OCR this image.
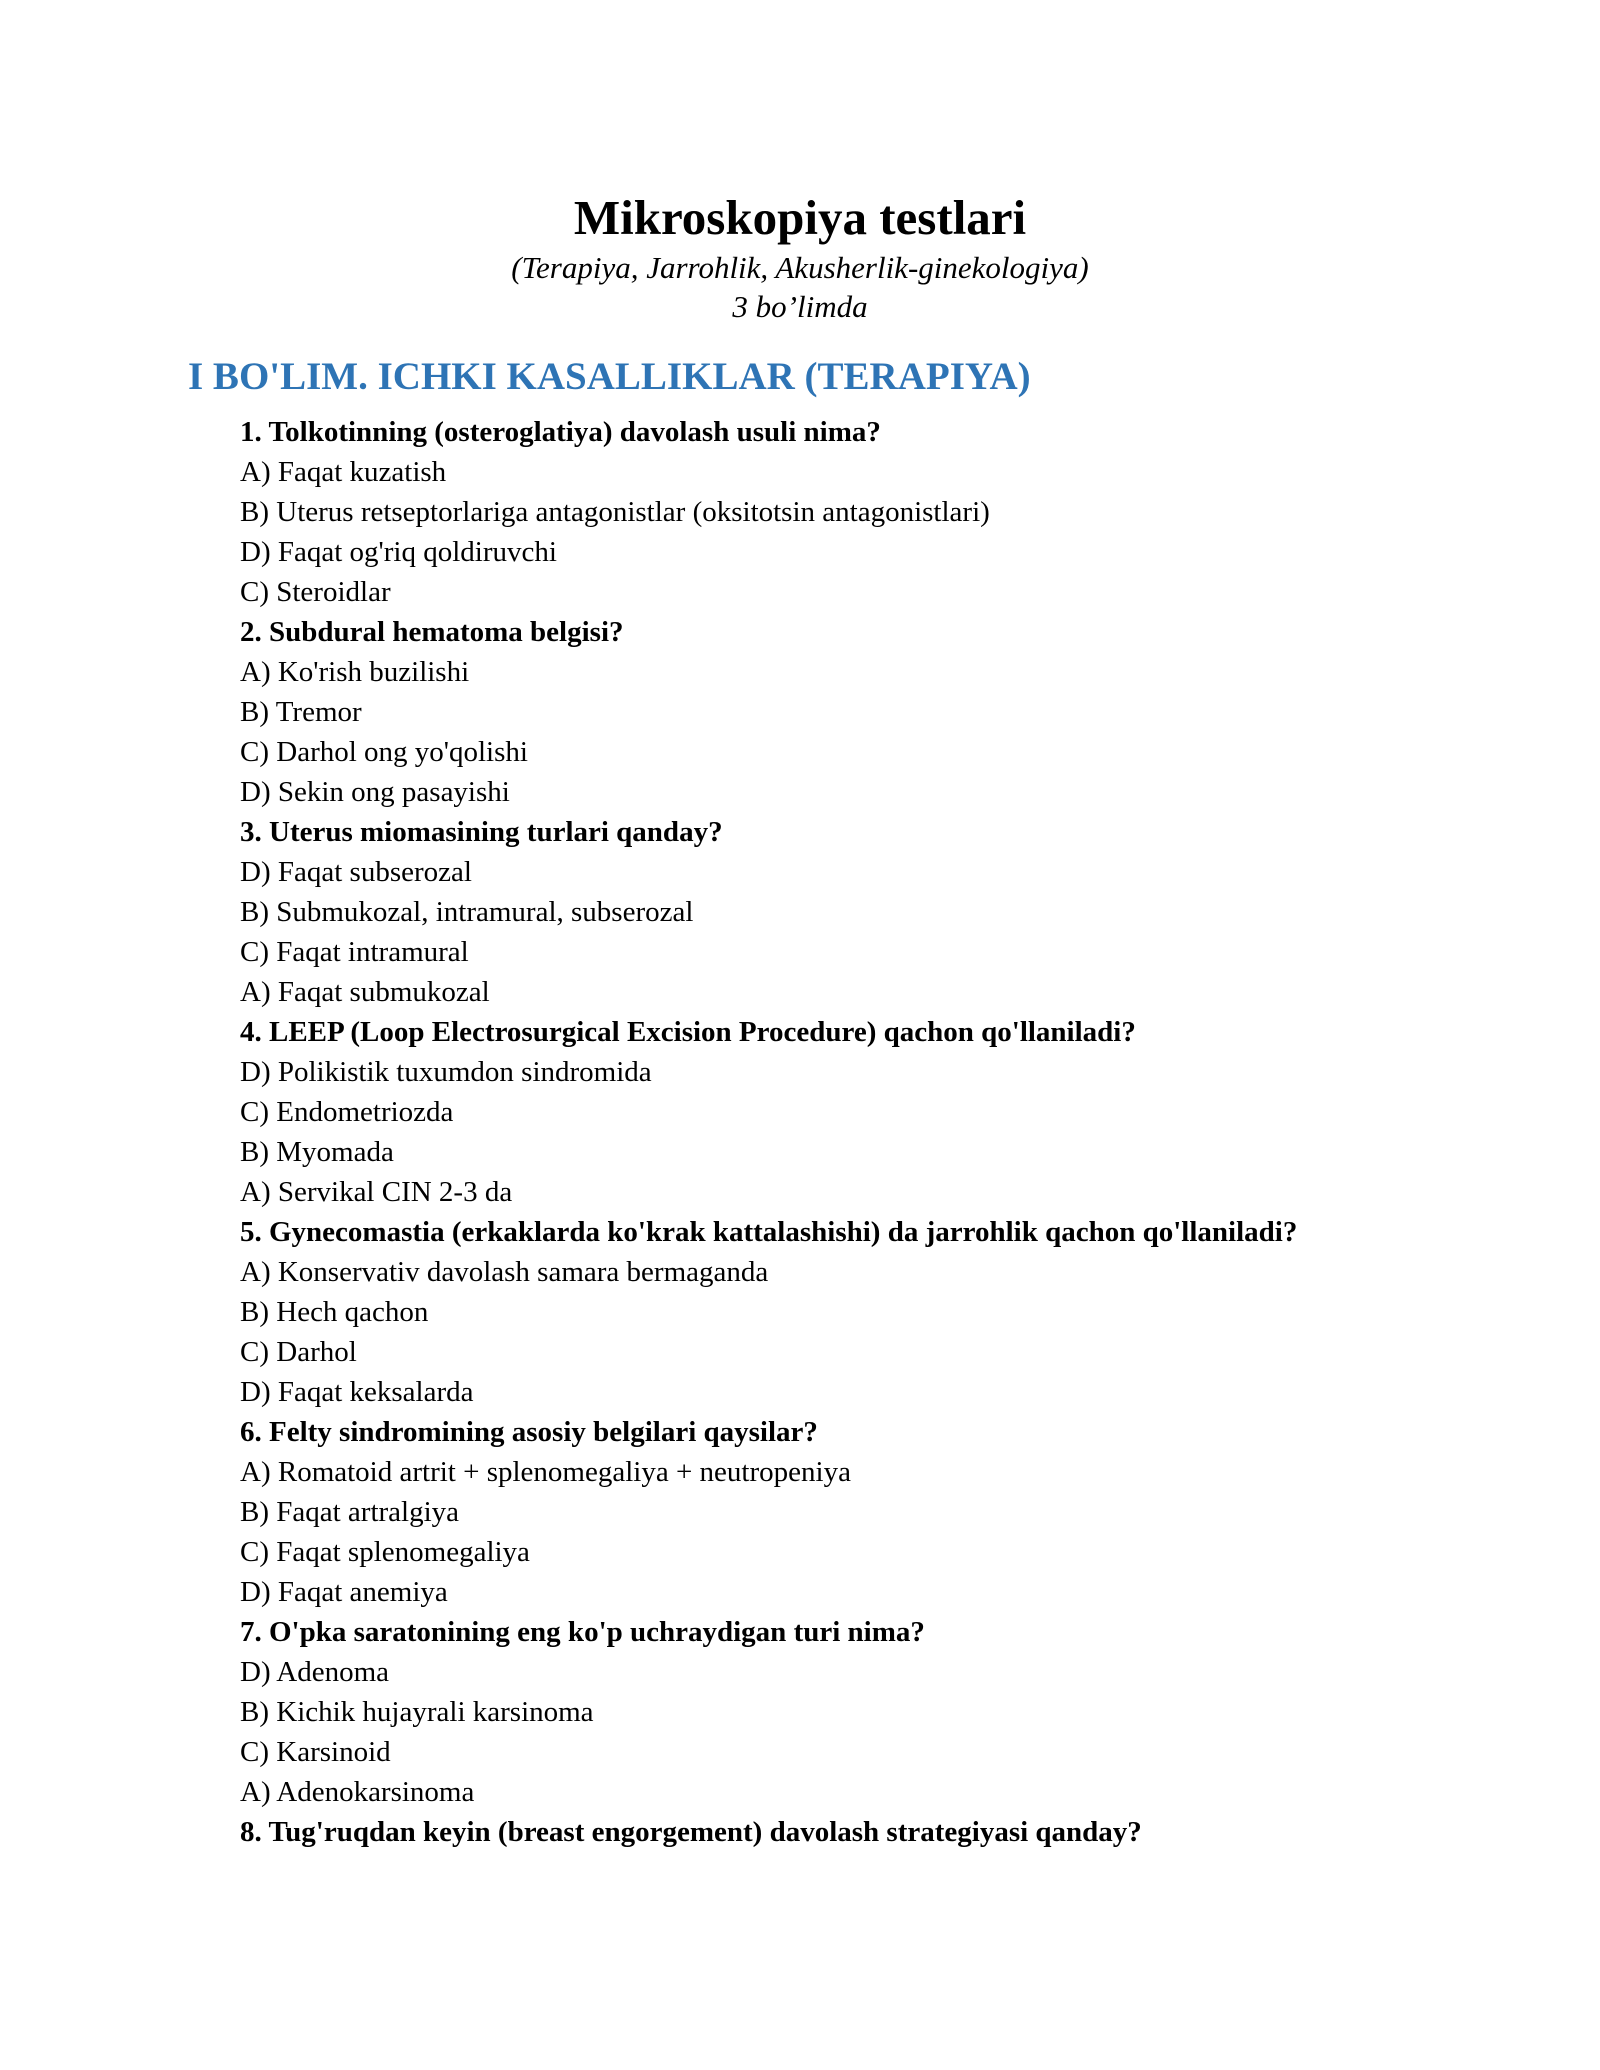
Mikroskopiya testlari

(Terapiya, Jarrohlik, Akusherlik-ginekologiya)

3 bo’limda

I BO'LIM. ICHKI KASALLIKLAR (TERAPIYA)
1. Tolkotinning (osteroglatiya) davolash usuli nima?
A) Faqat kuzatish
B) Uterus retseptorlariga antagonistlar (oksitotsin antagonistlari)
D) Faqat og'riq qoldiruvchi
C) Steroidlar
2. Subdural hematoma belgisi?
A) Ko'rish buzilishi
B) Tremor
C) Darhol ong yo'qolishi
D) Sekin ong pasayishi
3. Uterus miomasining turlari qanday?
D) Faqat subserozal
B) Submukozal, intramural, subserozal
C) Faqat intramural
A) Faqat submukozal
4. LEEP (Loop Electrosurgical Excision Procedure) qachon qo'llaniladi?
D) Polikistik tuxumdon sindromida
C) Endometriozda
B) Myomada
A) Servikal CIN 2-3 da
5. Gynecomastia (erkaklarda ko'krak kattalashishi) da jarrohlik qachon qo'llaniladi?
A) Konservativ davolash samara bermaganda
B) Hech qachon
C) Darhol
D) Faqat keksalarda
6. Felty sindromining asosiy belgilari qaysilar?
A) Romatoid artrit + splenomegaliya + neutropeniya
B) Faqat artralgiya
C) Faqat splenomegaliya
D) Faqat anemiya
7. O'pka saratonining eng ko'p uchraydigan turi nima?
D) Adenoma
B) Kichik hujayrali karsinoma
C) Karsinoid
A) Adenokarsinoma
8. Tug'ruqdan keyin (breast engorgement) davolash strategiyasi qanday?
